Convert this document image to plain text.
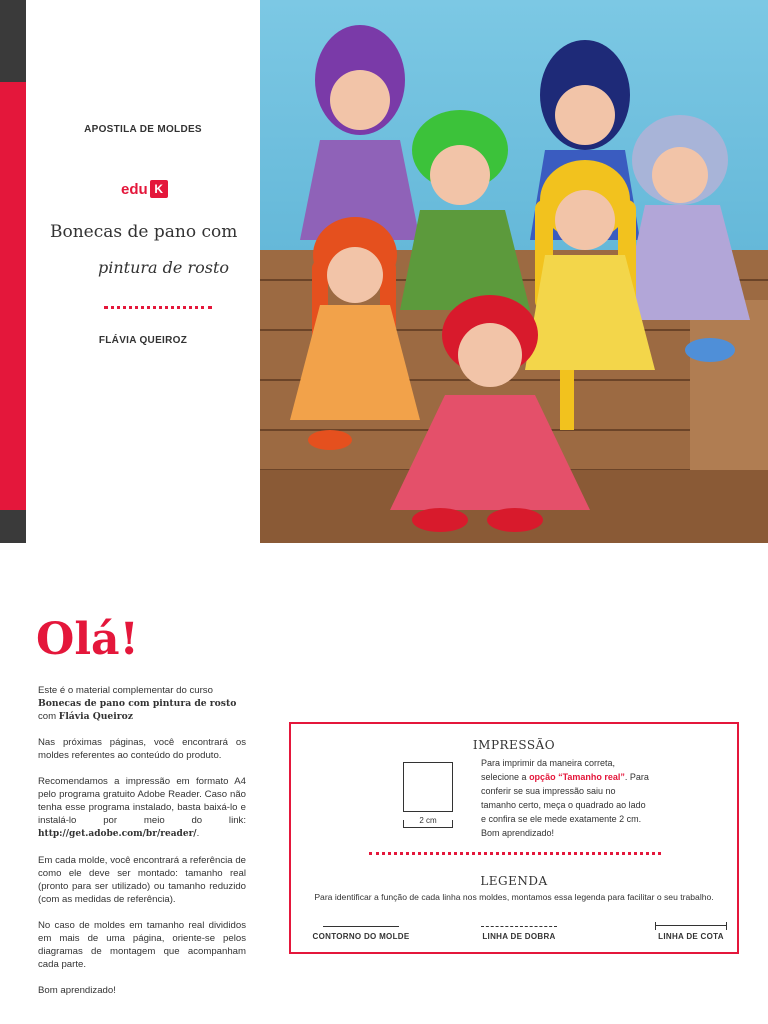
APOSTILA DE MOLDES
edu K
Bonecas de pano com
pintura de rosto
FLÁVIA QUEIROZ
Olá!

Este é o material complementar do curso
Bonecas de pano com pintura de rosto
com Flávia Queiroz

Nas próximas páginas, você encontrará os moldes referentes ao conteúdo do produto.

Recomendamos a impressão em formato A4 pelo programa gratuito Adobe Reader. Caso não tenha esse programa instalado, basta baixá-lo e instalá-lo por meio do link: http://get.adobe.com/br/reader/.

Em cada molde, você encontrará a referência de como ele deve ser montado: tamanho real (pronto para ser utilizado) ou tamanho reduzido (com as medidas de referência).

No caso de moldes em tamanho real divididos em mais de uma página, oriente-se pelos diagramas de montagem que acompanham cada parte.

Bom aprendizado!

IMPRESSÃO
2 cm
Para imprimir da maneira correta, selecione a opção “Tamanho real”. Para conferir se sua impressão saiu no tamanho certo, meça o quadrado ao lado e confira se ele mede exatamente 2 cm.
Bom aprendizado!
LEGENDA
Para identificar a função de cada linha nos moldes, montamos essa legenda para facilitar o seu trabalho.
CONTORNO DO MOLDE	LINHA DE DOBRA	LINHA DE COTA
